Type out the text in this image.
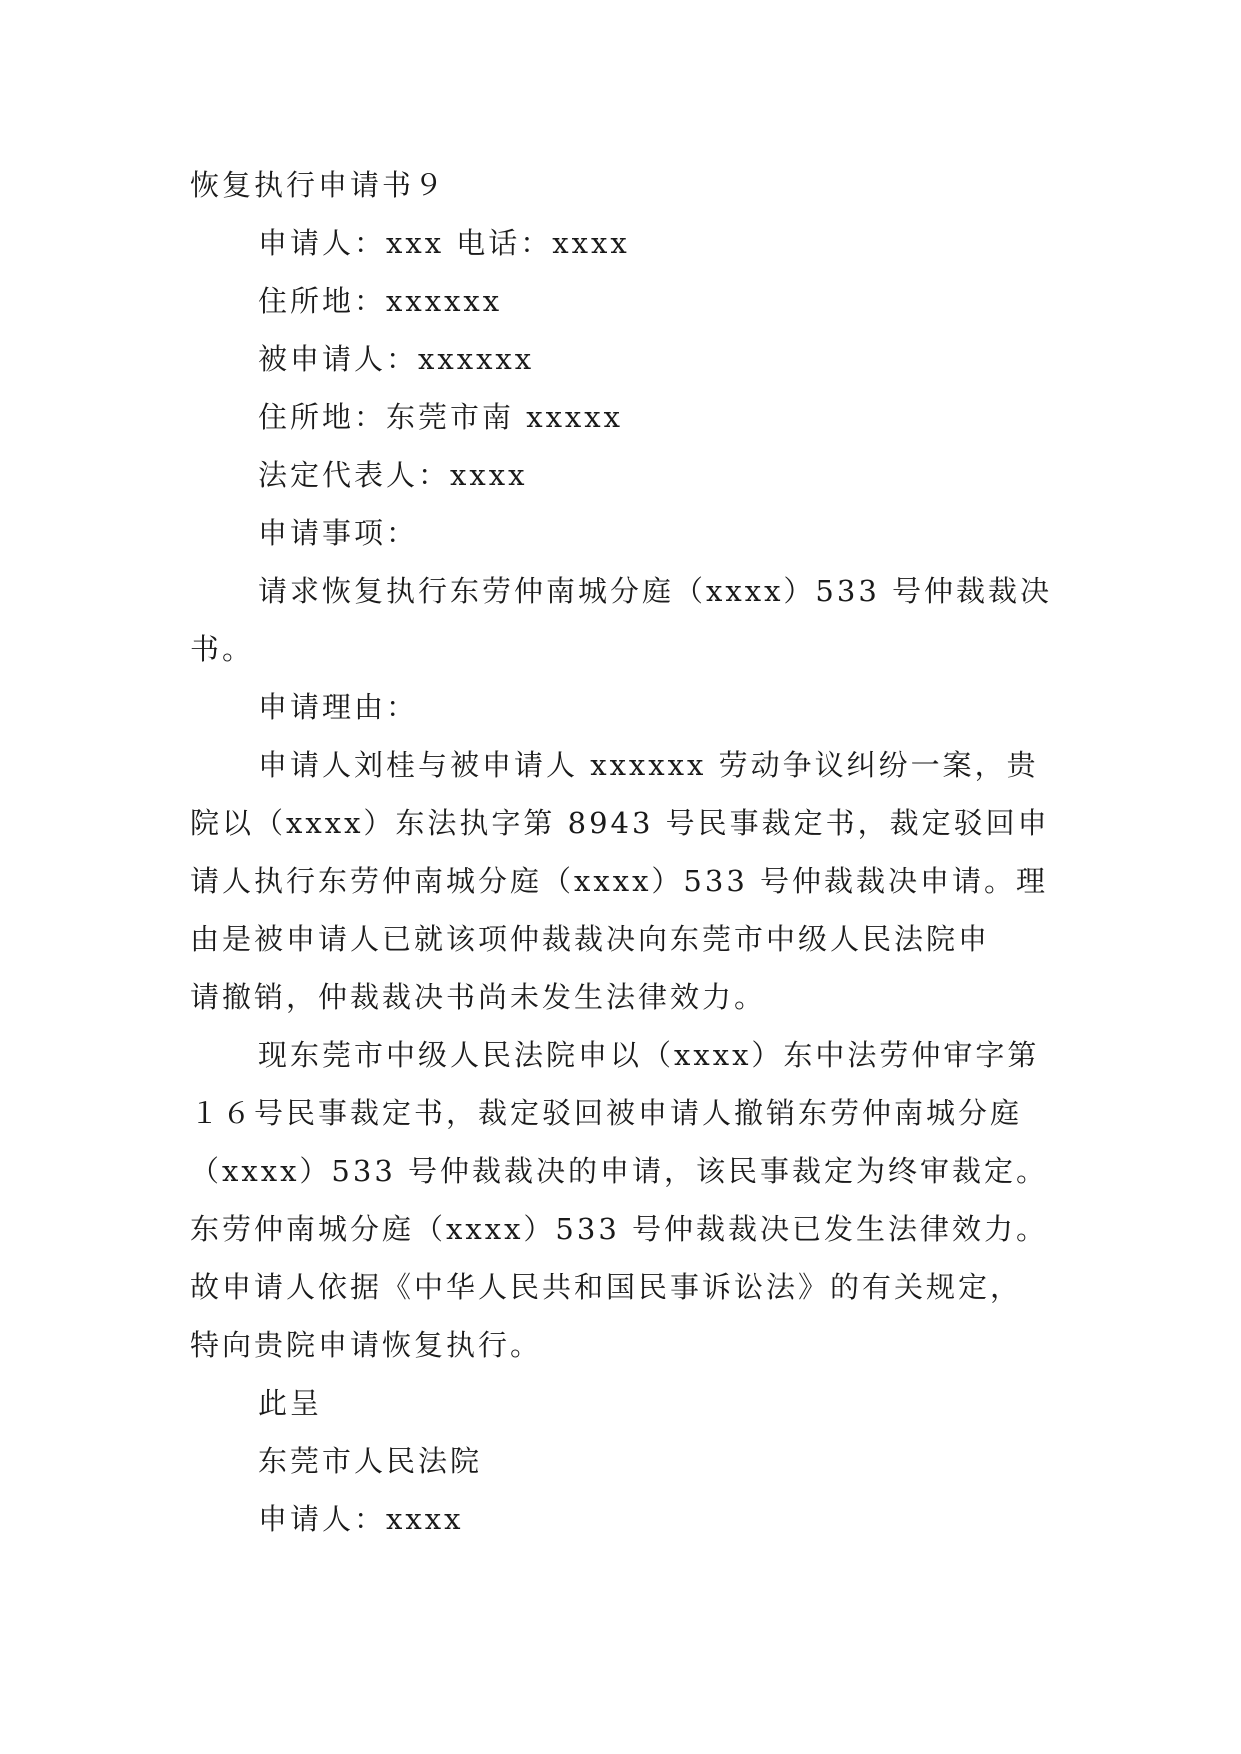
恢复执行申请书９
申请人：xxx 电话：xxxx
住所地：xxxxxx
被申请人：xxxxxx
住所地：东莞市南 xxxxx
法定代表人：xxxx
申请事项：
请求恢复执行东劳仲南城分庭（xxxx）533 号仲裁裁决
书。
申请理由：
申请人刘桂与被申请人 xxxxxx 劳动争议纠纷一案，贵
院以（xxxx）东法执字第 8943 号民事裁定书，裁定驳回申
请人执行东劳仲南城分庭（xxxx）533 号仲裁裁决申请。理
由是被申请人已就该项仲裁裁决向东莞市中级人民法院申
请撤销，仲裁裁决书尚未发生法律效力。
现东莞市中级人民法院申以（xxxx）东中法劳仲审字第
１６号民事裁定书，裁定驳回被申请人撤销东劳仲南城分庭
（xxxx）533 号仲裁裁决的申请，该民事裁定为终审裁定。
东劳仲南城分庭（xxxx）533 号仲裁裁决已发生法律效力。
故申请人依据《中华人民共和国民事诉讼法》的有关规定，
特向贵院申请恢复执行。
此呈
东莞市人民法院
申请人：xxxx
